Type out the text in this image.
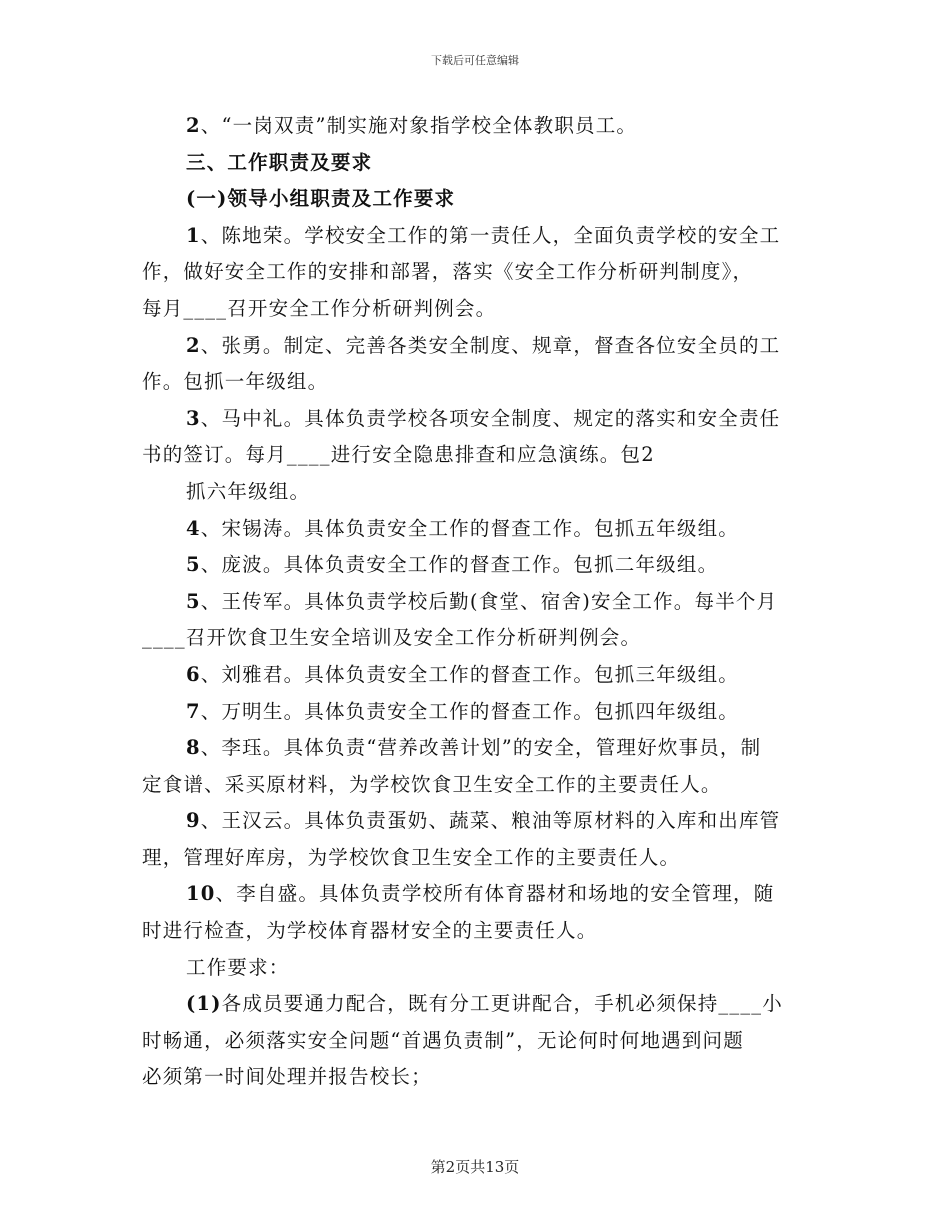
下载后可任意编辑
2、“一岗双责”制实施对象指学校全体教职员工。
三、工作职责及要求
(一)领导小组职责及工作要求
1、陈地荣。学校安全工作的第一责任人，全面负责学校的安全工
作，做好安全工作的安排和部署，落实《安全工作分析研判制度》，
每月____召开安全工作分析研判例会。
2、张勇。制定、完善各类安全制度、规章，督查各位安全员的工
作。包抓一年级组。
3、马中礼。具体负责学校各项安全制度、规定的落实和安全责任
书的签订。每月____进行安全隐患排查和应急演练。包2
抓六年级组。
4、宋锡涛。具体负责安全工作的督查工作。包抓五年级组。
5、庞波。具体负责安全工作的督查工作。包抓二年级组。
5、王传军。具体负责学校后勤(食堂、宿舍)安全工作。每半个月
____召开饮食卫生安全培训及安全工作分析研判例会。
6、刘雅君。具体负责安全工作的督查工作。包抓三年级组。
7、万明生。具体负责安全工作的督查工作。包抓四年级组。
8、李珏。具体负责“营养改善计划”的安全，管理好炊事员，制
定食谱、采买原材料，为学校饮食卫生安全工作的主要责任人。
9、王汉云。具体负责蛋奶、蔬菜、粮油等原材料的入库和出库管
理，管理好库房，为学校饮食卫生安全工作的主要责任人。
10、李自盛。具体负责学校所有体育器材和场地的安全管理，随
时进行检查，为学校体育器材安全的主要责任人。
工作要求：
(1)各成员要通力配合，既有分工更讲配合，手机必须保持____小
时畅通，必须落实安全问题“首遇负责制”，无论何时何地遇到问题
必须第一时间处理并报告校长；
第2页共13页
